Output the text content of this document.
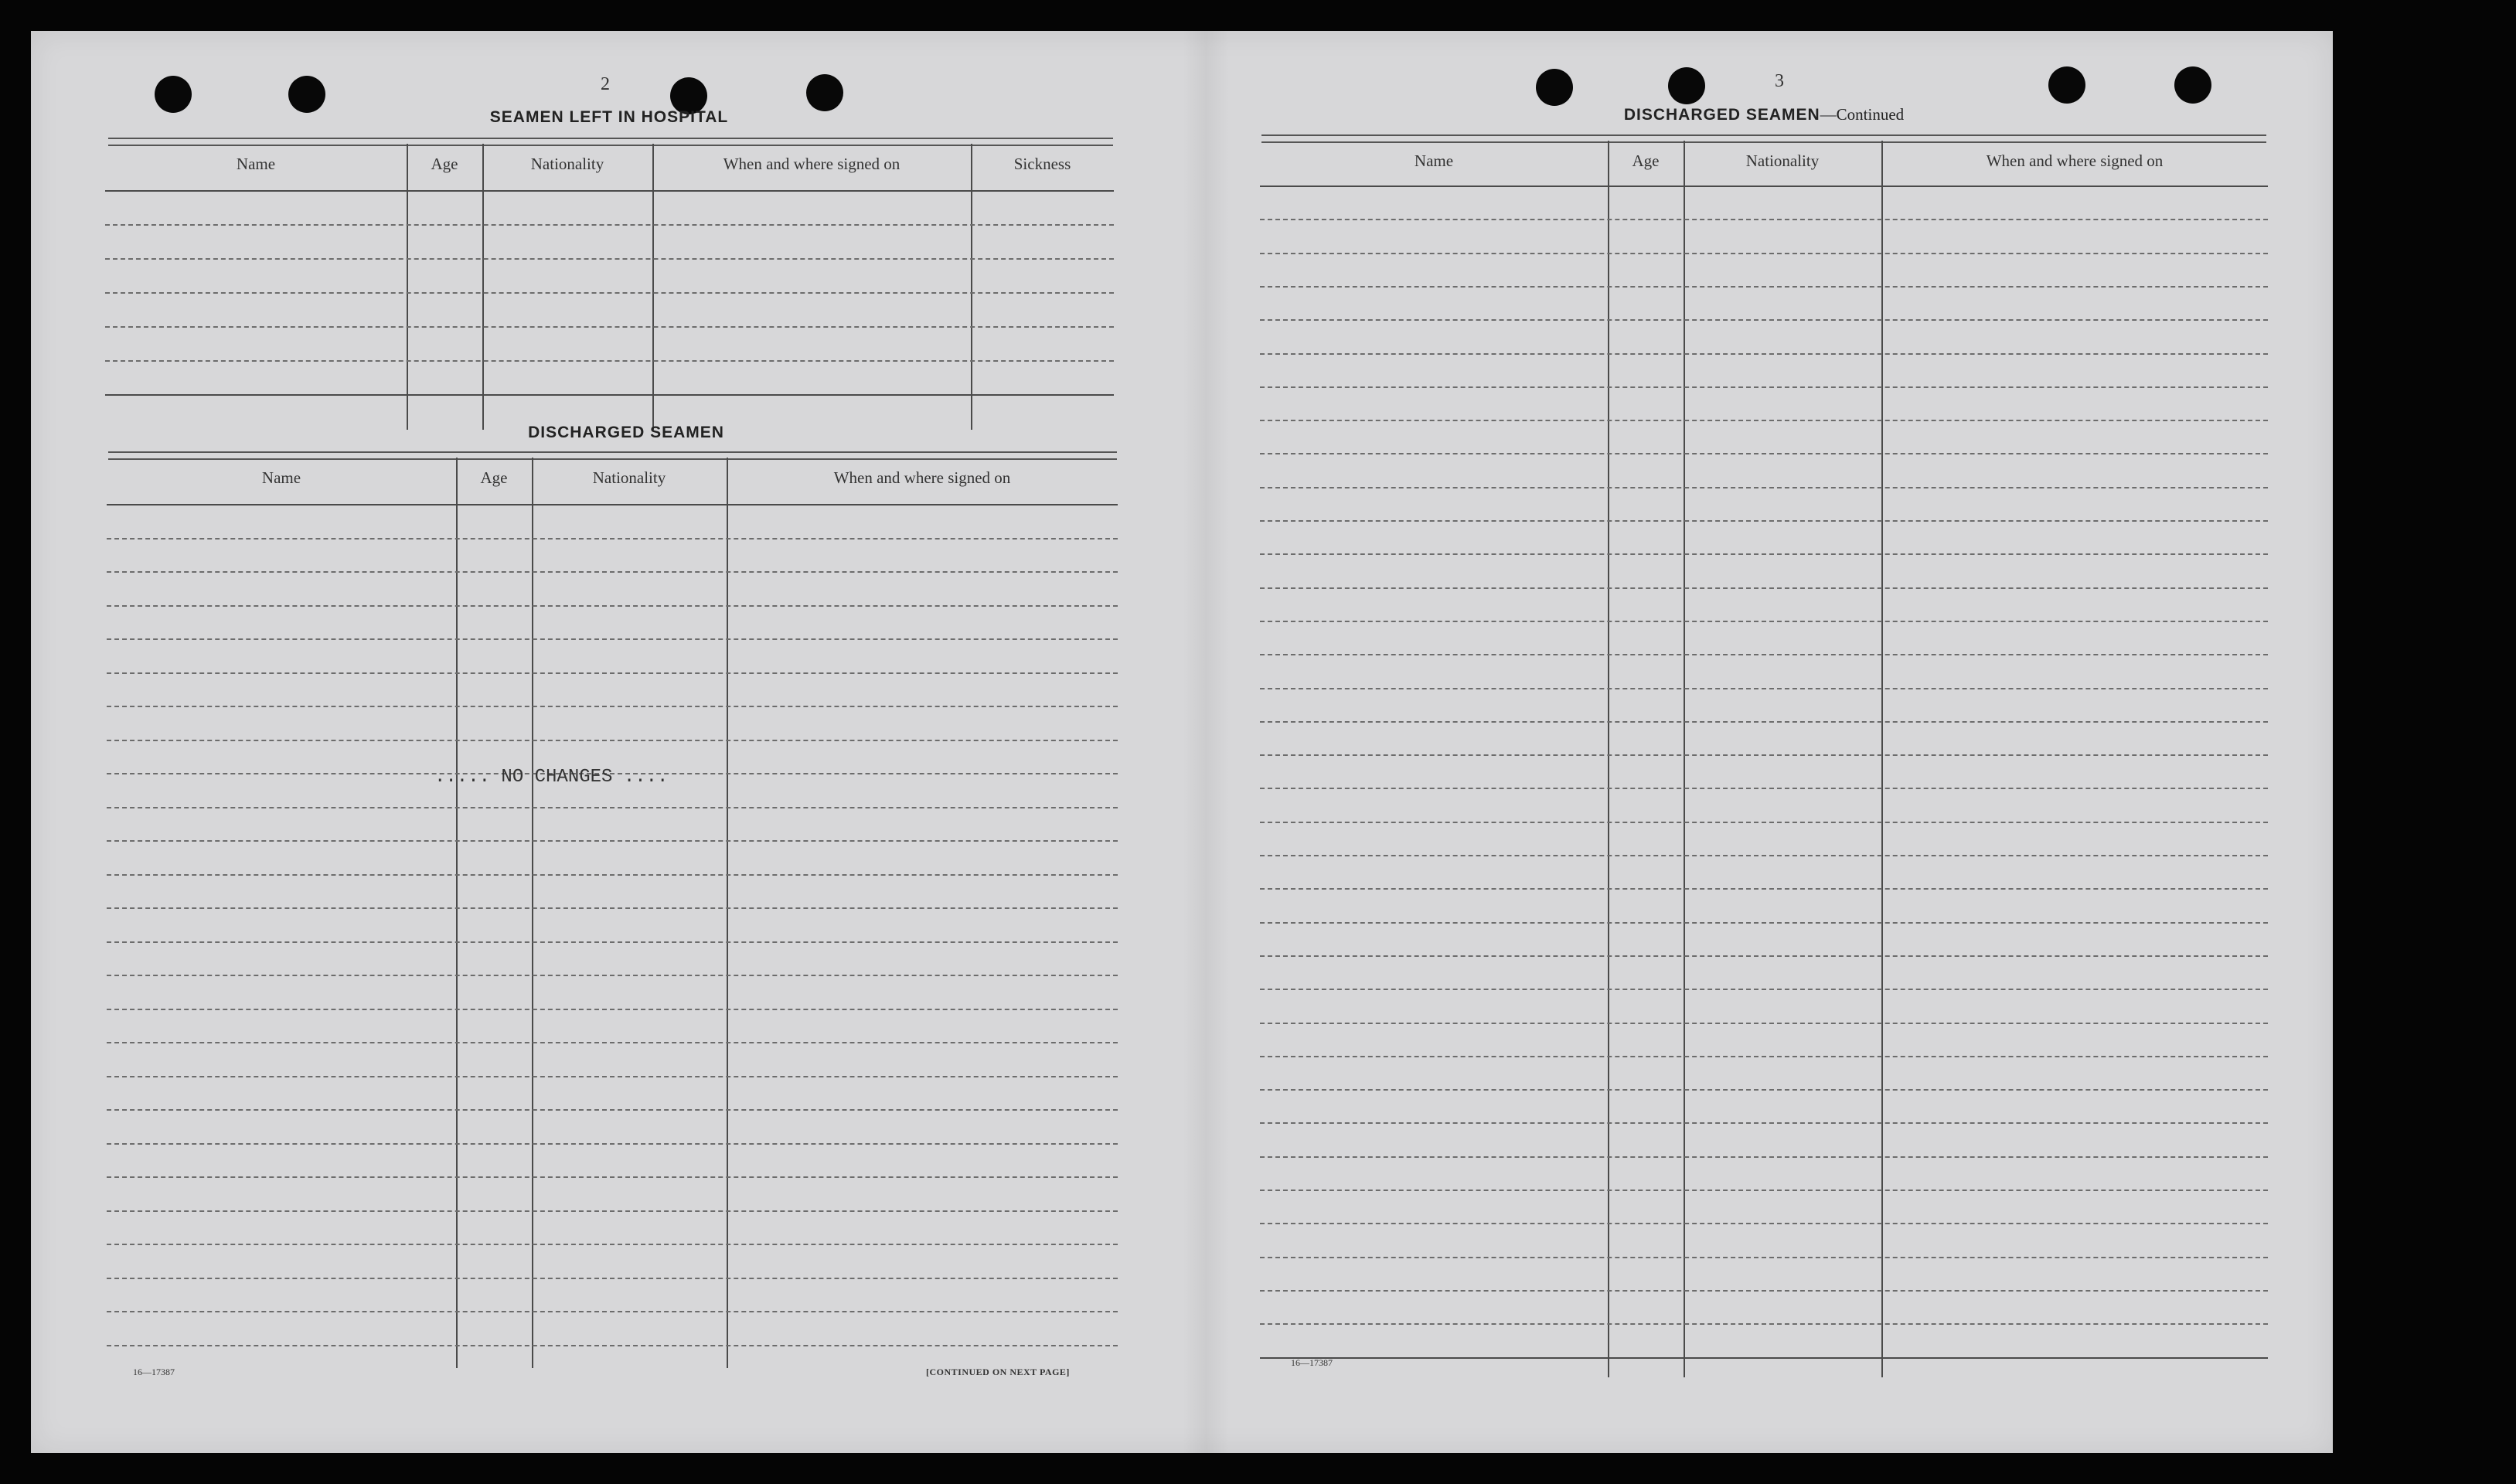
2
SEAMEN LEFT IN HOSPITAL
Name	Age	Nationality	When and where signed on	Sickness
DISCHARGED SEAMEN
Name	Age	Nationality	When and where signed on
..... NO CHANGES ....
16—17387	[CONTINUED ON NEXT PAGE]
3
DISCHARGED SEAMEN—Continued
Name	Age	Nationality	When and where signed on
16—17387
